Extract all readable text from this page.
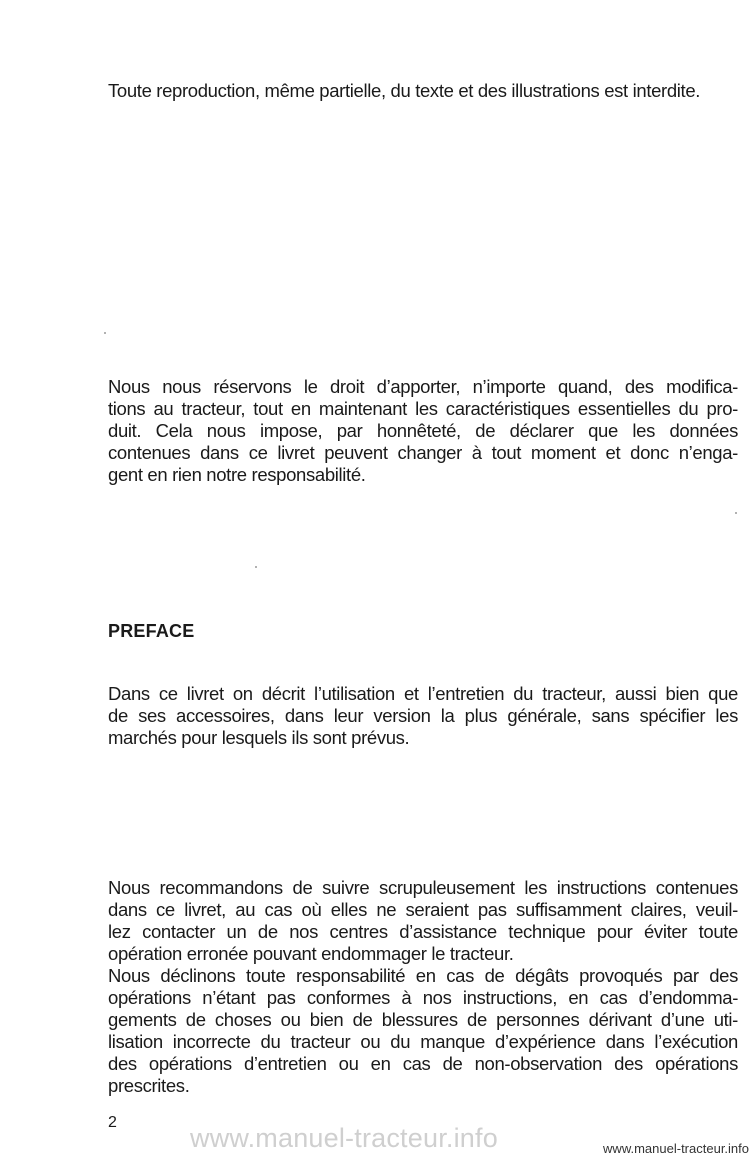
Toute reproduction, même partielle, du texte et des illustrations est interdite.

Nous nous réservons le droit d’apporter, n’importe quand, des modifica-
tions au tracteur, tout en maintenant les caractéristiques essentielles du pro-
duit. Cela nous impose, par honnêteté, de déclarer que les données
contenues dans ce livret peuvent changer à tout moment et donc n’enga-
gent en rien notre responsabilité.

PREFACE

Dans ce livret on décrit l’utilisation et l’entretien du tracteur, aussi bien que
de ses accessoires, dans leur version la plus générale, sans spécifier les
marchés pour lesquels ils sont prévus.

Nous recommandons de suivre scrupuleusement les instructions contenues
dans ce livret, au cas où elles ne seraient pas suffisamment claires, veuil-
lez contacter un de nos centres d’assistance technique pour éviter toute
opération erronée pouvant endommager le tracteur.
Nous déclinons toute responsabilité en cas de dégâts provoqués par des
opérations n’étant pas conformes à nos instructions, en cas d’endomma-
gements de choses ou bien de blessures de personnes dérivant d’une uti-
lisation incorrecte du tracteur ou du manque d’expérience dans l’exécution
des opérations d’entretien ou en cas de non-observation des opérations
prescrites.

2

www.manuel-tracteur.info	www.manuel-tracteur.info
